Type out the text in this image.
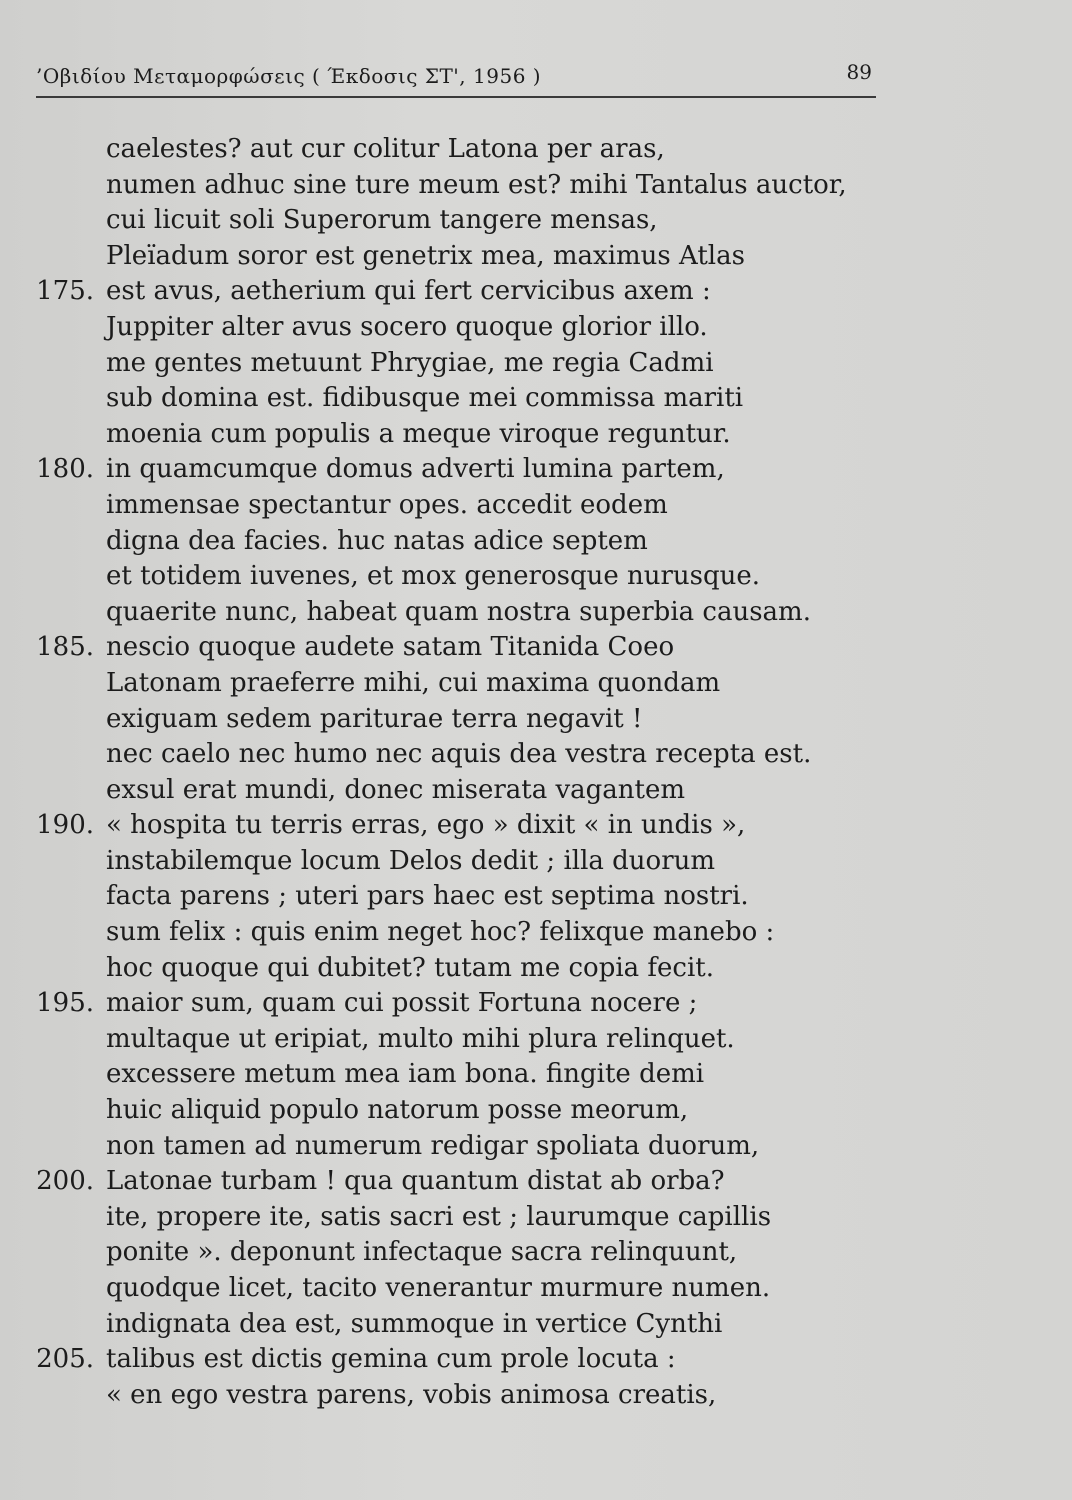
’Οβιδίου Μεταμορφώσεις ( Έκδοσις ΣΤ', 1956 )	89
caelestes? aut cur colitur Latona per aras,
numen adhuc sine ture meum est? mihi Tantalus auctor,
cui licuit soli Superorum tangere mensas,
Pleïadum soror est genetrix mea, maximus Atlas
175. est avus, aetherium qui fert cervicibus axem :
Juppiter alter avus socero quoque glorior illo.
me gentes metuunt Phrygiae, me regia Cadmi
sub domina est. fidibusque mei commissa mariti
moenia cum populis a meque viroque reguntur.
180. in quamcumque domus adverti lumina partem,
immensae spectantur opes. accedit eodem
digna dea facies. huc natas adice septem
et totidem iuvenes, et mox generosque nurusque.
quaerite nunc, habeat quam nostra superbia causam.
185. nescio quoque audete satam Titanida Coeo
Latonam praeferre mihi, cui maxima quondam
exiguam sedem pariturae terra negavit !
nec caelo nec humo nec aquis dea vestra recepta est.
exsul erat mundi, donec miserata vagantem
190. « hospita tu terris erras, ego » dixit « in undis »,
instabilemque locum Delos dedit ; illa duorum
facta parens ; uteri pars haec est septima nostri.
sum felix : quis enim neget hoc? felixque manebo :
hoc quoque qui dubitet? tutam me copia fecit.
195. maior sum, quam cui possit Fortuna nocere ;
multaque ut eripiat, multo mihi plura relinquet.
excessere metum mea iam bona. fingite demi
huic aliquid populo natorum posse meorum,
non tamen ad numerum redigar spoliata duorum,
200. Latonae turbam ! qua quantum distat ab orba?
ite, propere ite, satis sacri est ; laurumque capillis
ponite ». deponunt infectaque sacra relinquunt,
quodque licet, tacito venerantur murmure numen.
indignata dea est, summoque in vertice Cynthi
205. talibus est dictis gemina cum prole locuta :
« en ego vestra parens, vobis animosa creatis,
